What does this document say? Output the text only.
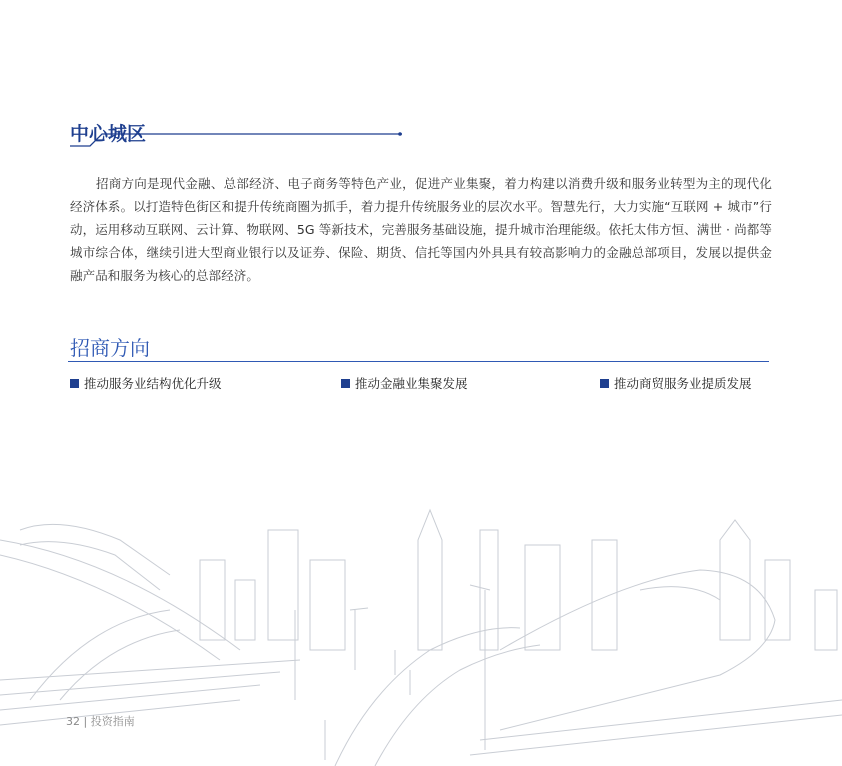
中心城区

招商方向是现代金融、总部经济、电子商务等特色产业，促进产业集聚，着力构建以消费升级和服务业转型为主的现代化经济体系。以打造特色街区和提升传统商圈为抓手，着力提升传统服务业的层次水平。智慧先行，大力实施“互联网 + 城市”行动，运用移动互联网、云计算、物联网、5G 等新技术，完善服务基础设施，提升城市治理能级。依托太伟方恒、满世 · 尚都等城市综合体，继续引进大型商业银行以及证券、保险、期货、信托等国内外具具有较高影响力的金融总部项目，发展以提供金融产品和服务为核心的总部经济。

招商方向
推动服务业结构优化升级	推动金融业集聚发展	推动商贸服务业提质发展
32 | 投资指南
